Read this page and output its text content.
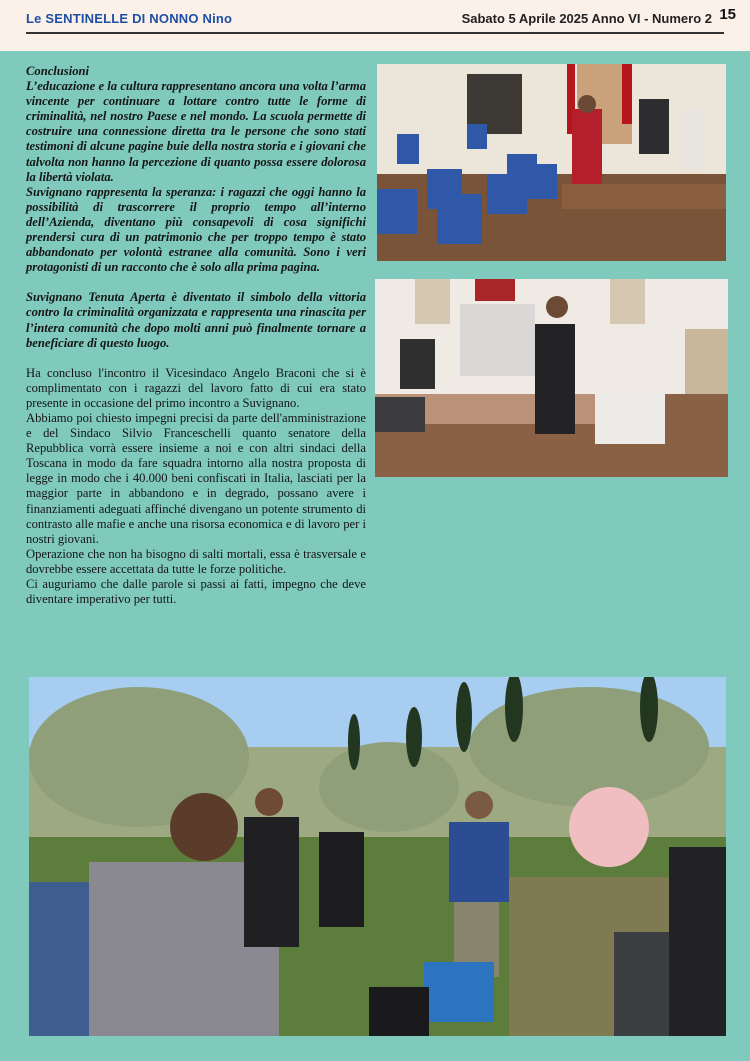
Le SENTINELLE DI NONNO Nino	Sabato 5 Aprile 2025 Anno VI - Numero 2 15

Conclusioni

L’educazione e la cultura rappresentano ancora una volta l’arma vincente per continuare a lottare contro tutte le forme di criminalità, nel nostro Paese e nel mondo. La scuola permette di costruire una connessione diretta tra le persone che sono stati testimoni di alcune pagine buie della nostra storia e i giovani che talvolta non hanno la percezione di quanto possa essere dolorosa la libertà violata.

Suvignano rappresenta la speranza: i ragazzi che oggi hanno la possibilità di trascorrere il proprio tempo all’interno dell’Azienda, diventano più consapevoli di cosa significhi prendersi cura di un patrimonio che per troppo tempo è stato abbandonato per volontà estranee alla comunità. Sono i veri protagonisti di un racconto che è solo alla prima pagina.

Suvignano Tenuta Aperta è diventato il simbolo della vittoria contro la criminalità organizzata e rappresenta una rinascita per l’intera comunità che dopo molti anni può finalmente tornare a beneficiare di questo luogo.

Ha concluso l'incontro il Vicesindaco Angelo Braconi che si è complimentato con i ragazzi del lavoro fatto di cui era stato presente in occasione del primo incontro a Suvignano.

Abbiamo poi chiesto impegni precisi da parte dell'amministrazione e del Sindaco Silvio Franceschelli quanto senatore della Repubblica vorrà essere insieme a noi e con altri sindaci della Toscana in modo da fare squadra intorno alla nostra proposta di legge in modo che i 40.000 beni confiscati in Italia, lasciati per la maggior parte in abbandono e in degrado, possano avere i finanziamenti adeguati affinché divengano un potente strumento di contrasto alle mafie e anche una risorsa economica e di lavoro per i nostri giovani.

Operazione che non ha bisogno di salti mortali, essa è trasversale e dovrebbe essere accettata da tutte le forze politiche.

Ci auguriamo che dalle parole si passi ai fatti, impegno che deve diventare imperativo per tutti.
